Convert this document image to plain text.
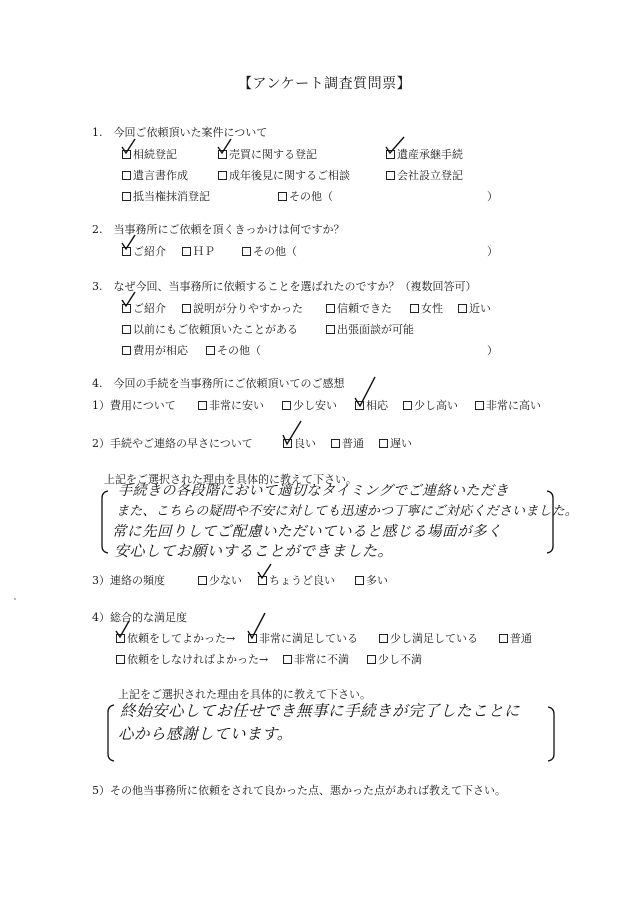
【アンケート調査質問票】
1.　今回ご依頼頂いた案件について
相続登記	売買に関する登記	遺産承継手続
遺言書作成	成年後見に関するご相談	会社設立登記
抵当権抹消登記	その他（	）
2.　当事務所にご依頼を頂くきっかけは何ですか？
ご紹介	ＨＰ	その他（	）
3.　なぜ今回、当事務所に依頼することを選ばれたのですか？（複数回答可）
ご紹介	説明が分りやすかった	信頼できた	女性	近い
以前にもご依頼頂いたことがある	出張面談が可能
費用が相応	その他（	）
4.　今回の手続を当事務所にご依頼頂いてのご感想
1）費用について	非常に安い	少し安い	相応	少し高い	非常に高い
2）手続やご連絡の早さについて	良い	普通	遅い
上記をご選択された理由を具体的に教えて下さい。
手続きの各段階において適切なタイミングでご連絡いただき
また、こちらの疑問や不安に対しても迅速かつ丁寧にご対応くださいました。
常に先回りしてご配慮いただいていると感じる場面が多く
安心してお願いすることができました。
3）連絡の頻度	少ない	ちょうど良い	多い
4）総合的な満足度
依頼をしてよかった→	非常に満足している	少し満足している	普通
依頼をしなければよかった→	非常に不満	少し不満
上記をご選択された理由を具体的に教えて下さい。
終始安心してお任せでき無事に手続きが完了したことに
心から感謝しています。
5）その他当事務所に依頼をされて良かった点、悪かった点があれば教えて下さい。
